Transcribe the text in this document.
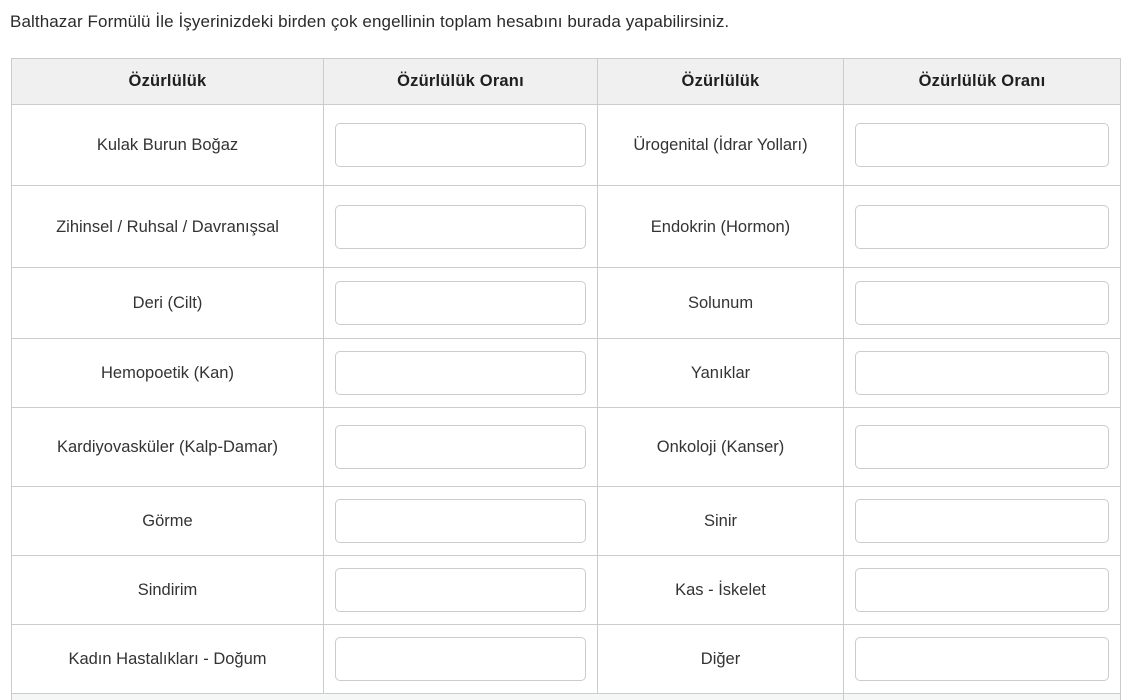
Balthazar Formülü İle İşyerinizdeki birden çok engellinin toplam hesabını burada yapabilirsiniz.

Özürlülük	Özürlülük Oranı	Özürlülük	Özürlülük Oranı
Kulak Burun Boğaz		Ürogenital (İdrar Yolları)	
Zihinsel / Ruhsal / Davranışsal		Endokrin (Hormon)	
Deri (Cilt)		Solunum	
Hemopoetik (Kan)		Yanıklar	
Kardiyovasküler (Kalp-Damar)		Onkoloji (Kanser)	
Görme		Sinir	
Sindirim		Kas - İskelet	
Kadın Hastalıkları - Doğum		Diğer	
